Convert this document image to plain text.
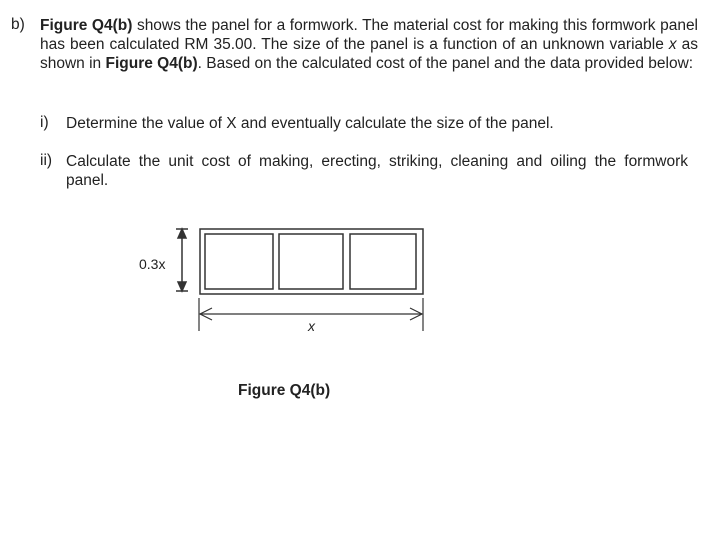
b) Figure Q4(b) shows the panel for a formwork. The material cost for making this formwork panel has been calculated RM 35.00. The size of the panel is a function of an unknown variable x as shown in Figure Q4(b). Based on the calculated cost of the panel and the data provided below:
i) Determine the value of X and eventually calculate the size of the panel.
ii) Calculate the unit cost of making, erecting, striking, cleaning and oiling the formwork panel.
0.3x
x
Figure Q4(b)
